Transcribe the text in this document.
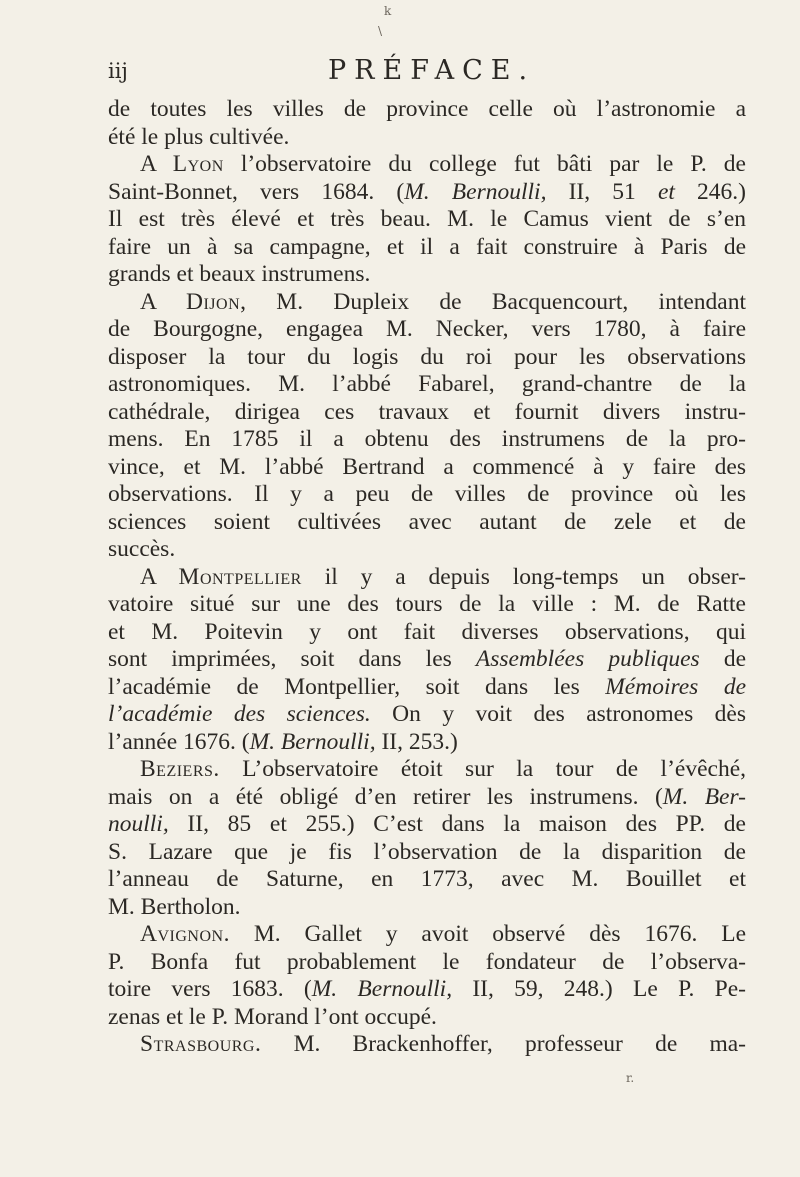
k
\
iij	PRÉFACE.
de toutes les villes de province celle où l’astronomie a
été le plus cultivée.
A Lyon l’observatoire du college fut bâti par le P. de
Saint-Bonnet, vers 1684. (M. Bernoulli, II, 51 et 246.)
Il est très élevé et très beau. M. le Camus vient de s’en
faire un à sa campagne, et il a fait construire à Paris de
grands et beaux instrumens.
A Dijon, M. Dupleix de Bacquencourt, intendant
de Bourgogne, engagea M. Necker, vers 1780, à faire
disposer la tour du logis du roi pour les observations
astronomiques. M. l’abbé Fabarel, grand-chantre de la
cathédrale, dirigea ces travaux et fournit divers instru-
mens. En 1785 il a obtenu des instrumens de la pro-
vince, et M. l’abbé Bertrand a commencé à y faire des
observations. Il y a peu de villes de province où les
sciences soient cultivées avec autant de zele et de
succès.
A Montpellier il y a depuis long-temps un obser-
vatoire situé sur une des tours de la ville : M. de Ratte
et M. Poitevin y ont fait diverses observations, qui
sont imprimées, soit dans les Assemblées publiques de
l’académie de Montpellier, soit dans les Mémoires de
l’académie des sciences. On y voit des astronomes dès
l’année 1676. (M. Bernoulli, II, 253.)
Beziers. L’observatoire étoit sur la tour de l’évêché,
mais on a été obligé d’en retirer les instrumens. (M. Ber-
noulli, II, 85 et 255.) C’est dans la maison des PP. de
S. Lazare que je fis l’observation de la disparition de
l’anneau de Saturne, en 1773, avec M. Bouillet et
M. Bertholon.
Avignon. M. Gallet y avoit observé dès 1676. Le
P. Bonfa fut probablement le fondateur de l’observa-
toire vers 1683. (M. Bernoulli, II, 59, 248.) Le P. Pe-
zenas et le P. Morand l’ont occupé.
Strasbourg. M. Brackenhoffer, professeur de ma-
r.
